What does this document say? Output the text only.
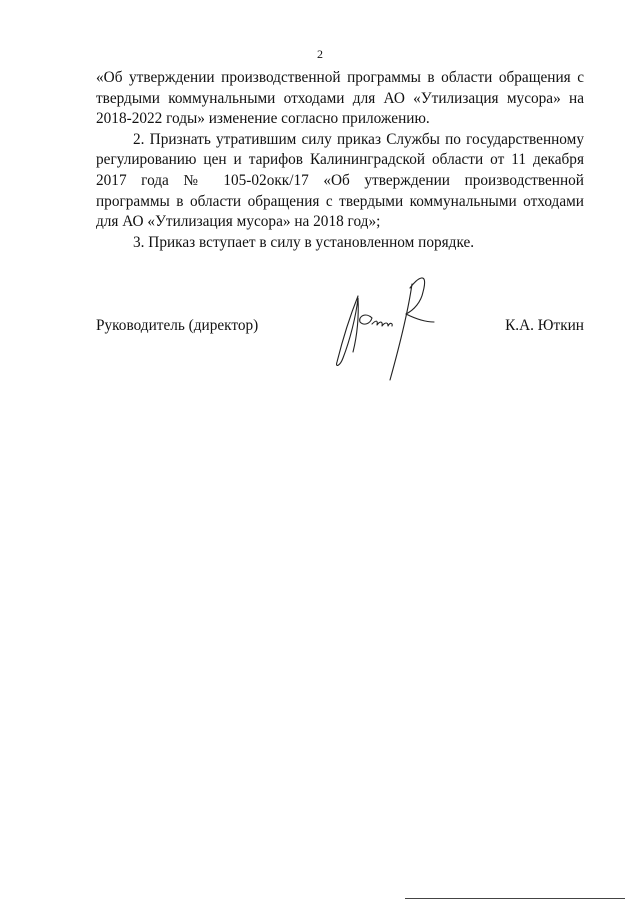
2

«Об утверждении производственной программы в области обращения с твердыми коммунальными отходами для АО «Утилизация мусора» на 2018-2022 годы» изменение согласно приложению.

2. Признать утратившим силу приказ Службы по государственному регулированию цен и тарифов Калининградской области от 11 декабря 2017 года № 105-02окк/17 «Об утверждении производственной программы в области обращения с твердыми коммунальными отходами для АО «Утилизация мусора» на 2018 год»;

3. Приказ вступает в силу в установленном порядке.

Руководитель (директор)	К.А. Юткин
